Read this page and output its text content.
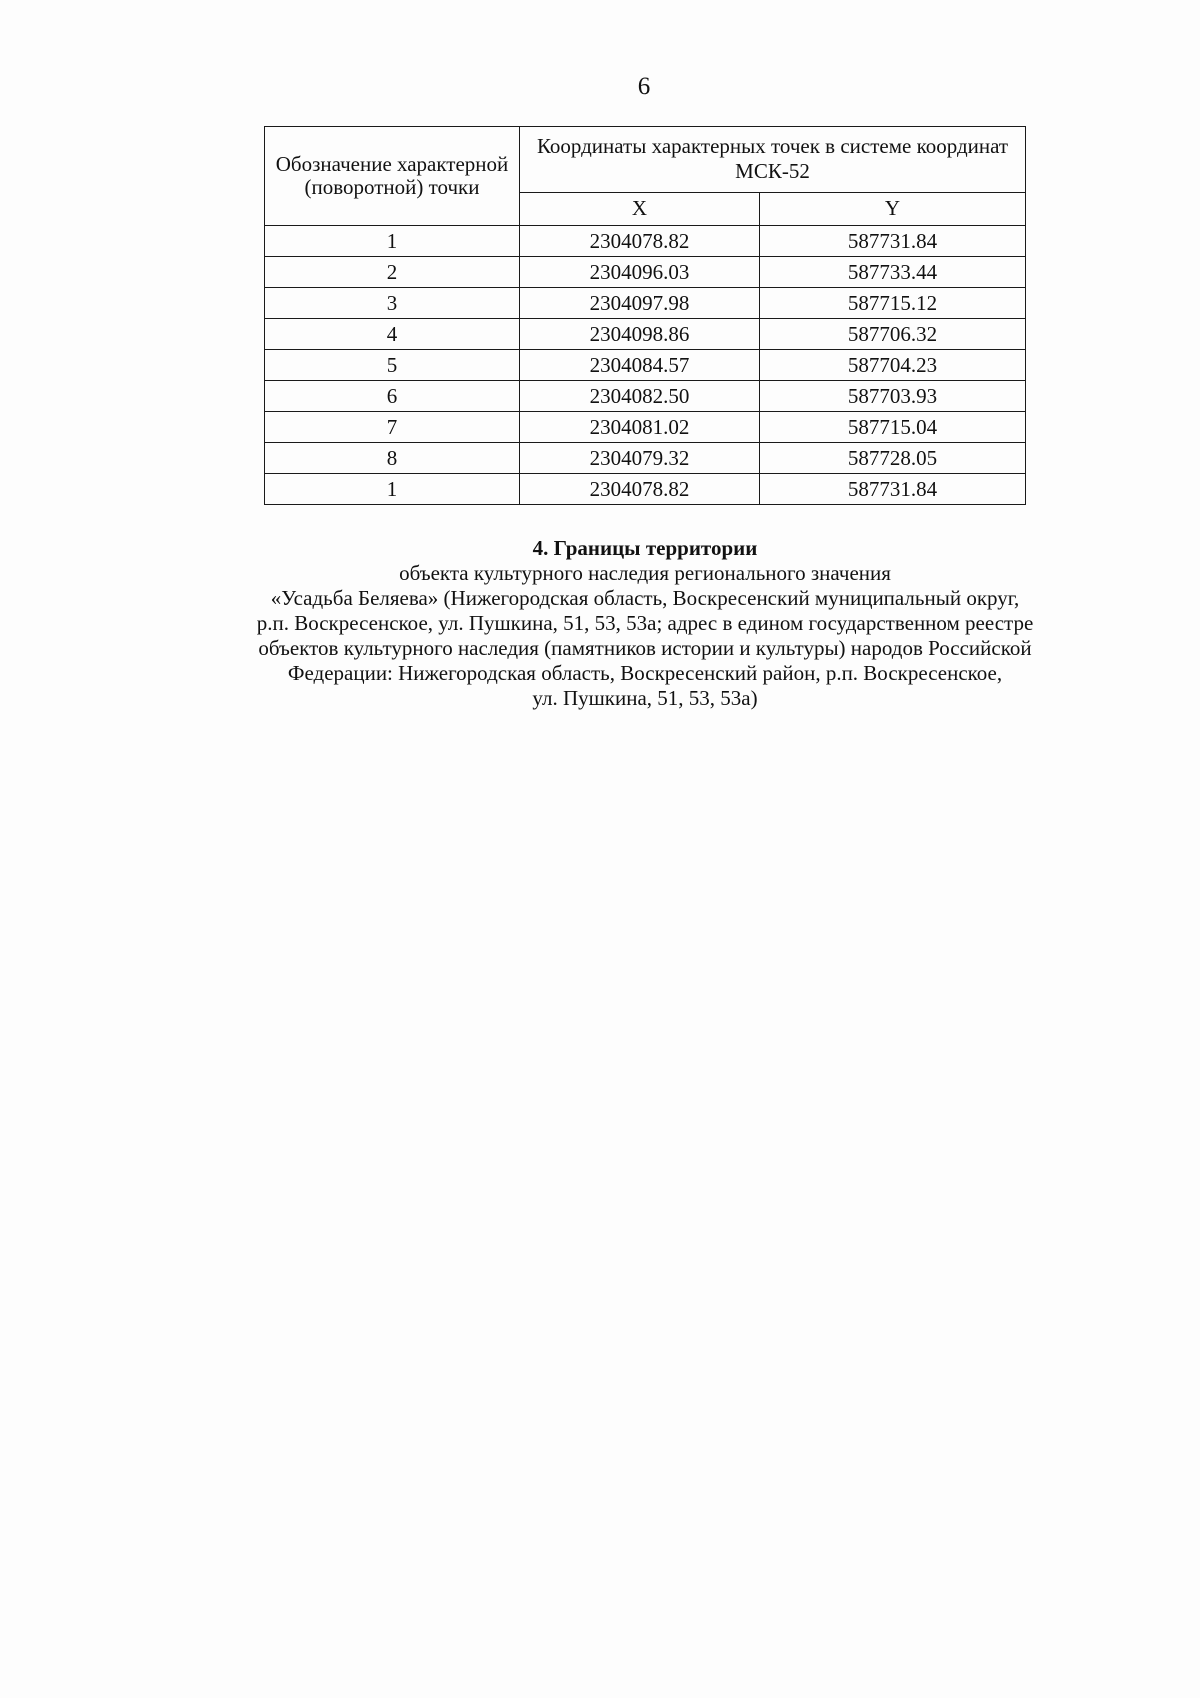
6
Обозначение характерной (поворотной) точки	Координаты характерных точек в системе координат МСК-52	
	X	Y
1	2304078.82	587731.84
2	2304096.03	587733.44
3	2304097.98	587715.12
4	2304098.86	587706.32
5	2304084.57	587704.23
6	2304082.50	587703.93
7	2304081.02	587715.04
8	2304079.32	587728.05
1	2304078.82	587731.84
4. Границы территории
объекта культурного наследия регионального значения
«Усадьба Беляева» (Нижегородская область, Воскресенский муниципальный округ,
р.п. Воскресенское, ул. Пушкина, 51, 53, 53а; адрес в едином государственном реестре
объектов культурного наследия (памятников истории и культуры) народов Российской
Федерации: Нижегородская область, Воскресенский район, р.п. Воскресенское,
ул. Пушкина, 51, 53, 53а)
